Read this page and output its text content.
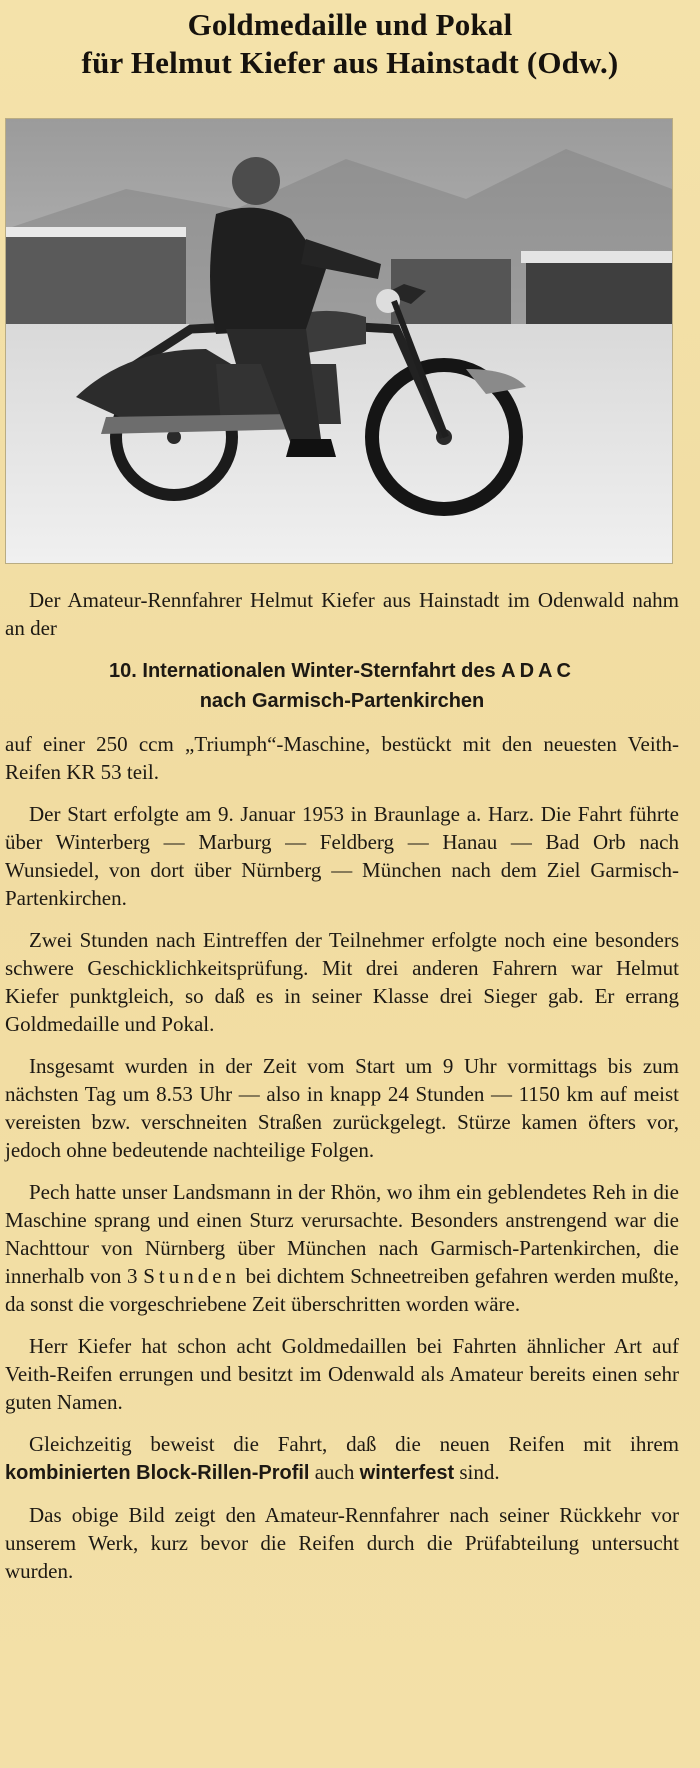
Goldmedaille und Pokal
für Helmut Kiefer aus Hainstadt (Odw.)

Der Amateur-Rennfahrer Helmut Kiefer aus Hainstadt im Odenwald nahm an der

10. Internationalen Winter-Sternfahrt des ADAC
nach Garmisch-Partenkirchen

auf einer 250 ccm „Triumph“-Maschine, bestückt mit den neuesten Veith-Reifen KR 53 teil.

Der Start erfolgte am 9. Januar 1953 in Braunlage a. Harz. Die Fahrt führte über Winterberg — Marburg — Feldberg — Hanau — Bad Orb nach Wunsiedel, von dort über Nürnberg — München nach dem Ziel Garmisch-Partenkirchen.

Zwei Stunden nach Eintreffen der Teilnehmer erfolgte noch eine besonders schwere Geschicklichkeitsprüfung. Mit drei anderen Fahrern war Helmut Kiefer punktgleich, so daß es in seiner Klasse drei Sieger gab. Er errang Goldmedaille und Pokal.

Insgesamt wurden in der Zeit vom Start um 9 Uhr vormittags bis zum nächsten Tag um 8.53 Uhr — also in knapp 24 Stunden — 1150 km auf meist vereisten bzw. verschneiten Straßen zurückgelegt. Stürze kamen öfters vor, jedoch ohne bedeutende nachteilige Folgen.

Pech hatte unser Landsmann in der Rhön, wo ihm ein geblendetes Reh in die Maschine sprang und einen Sturz verursachte. Besonders anstrengend war die Nachttour von Nürnberg über München nach Garmisch-Partenkirchen, die innerhalb von 3 Stunden bei dichtem Schneetreiben gefahren werden mußte, da sonst die vorgeschriebene Zeit überschritten worden wäre.

Herr Kiefer hat schon acht Goldmedaillen bei Fahrten ähnlicher Art auf Veith-Reifen errungen und besitzt im Odenwald als Amateur bereits einen sehr guten Namen.

Gleichzeitig beweist die Fahrt, daß die neuen Reifen mit ihrem kombinierten Block-Rillen-Profil auch winterfest sind.

Das obige Bild zeigt den Amateur-Rennfahrer nach seiner Rückkehr vor unserem Werk, kurz bevor die Reifen durch die Prüfabteilung untersucht wurden.
